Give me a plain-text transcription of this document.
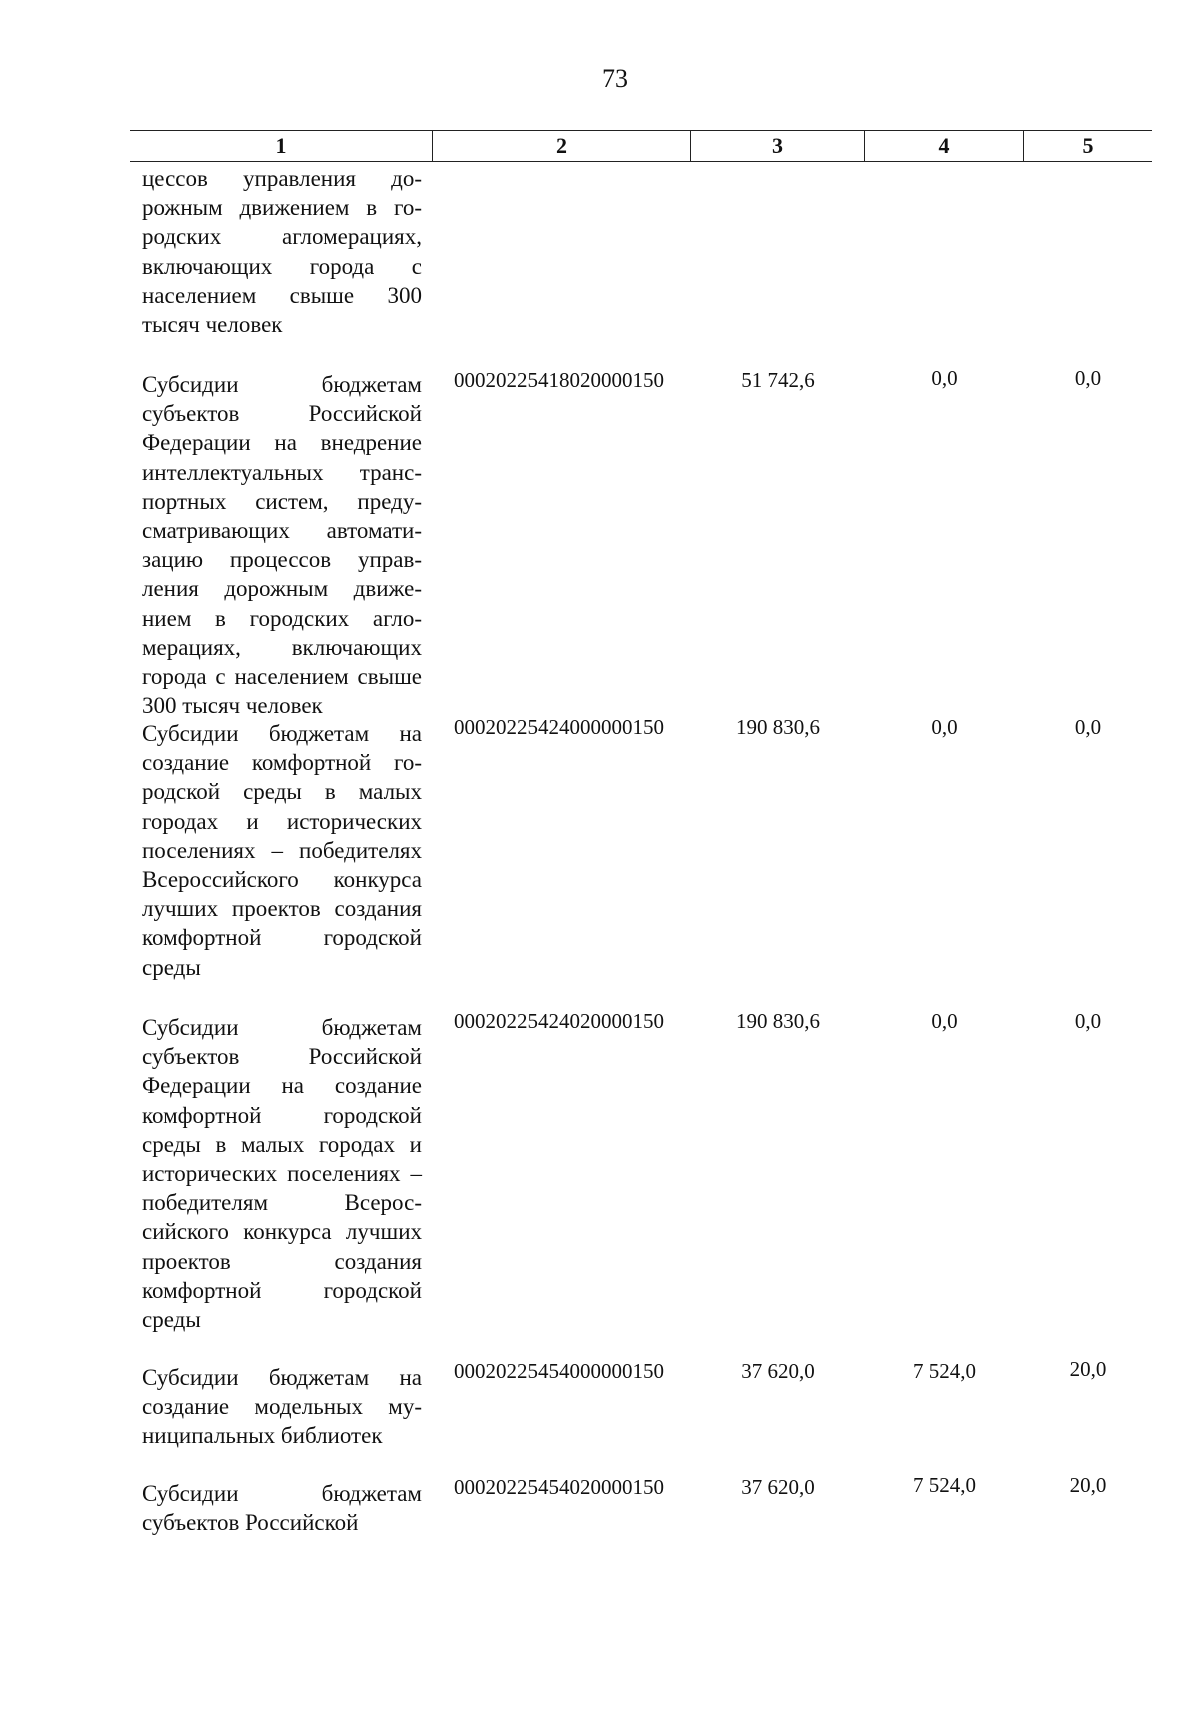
73
1	2	3	4	5
цессов управления дорожным движением в городских агломерациях, включающих города с населением свыше 300 тысяч человек
Субсидии бюджетам субъектов Российской Федерации на внедрение интеллектуальных транспортных систем, предусматривающих автоматизацию процессов управления дорожным движением в городских агломерациях, включающих города с населением свыше 300 тысяч человек
00020225418020000150	51 742,6	0,0	0,0
Субсидии бюджетам на создание комфортной городской среды в малых городах и исторических поселениях – победителях Всероссийского конкурса лучших проектов создания комфортной городской среды
00020225424000000150	190 830,6	0,0	0,0
Субсидии бюджетам субъектов Российской Федерации на создание комфортной городской среды в малых городах и исторических поселениях – победителям Всероссийского конкурса лучших проектов создания комфортной городской среды
00020225424020000150	190 830,6	0,0	0,0
Субсидии бюджетам на создание модельных муниципальных библиотек
00020225454000000150	37 620,0	7 524,0	20,0
Субсидии бюджетам субъектов Российской
00020225454020000150	37 620,0	7 524,0	20,0
